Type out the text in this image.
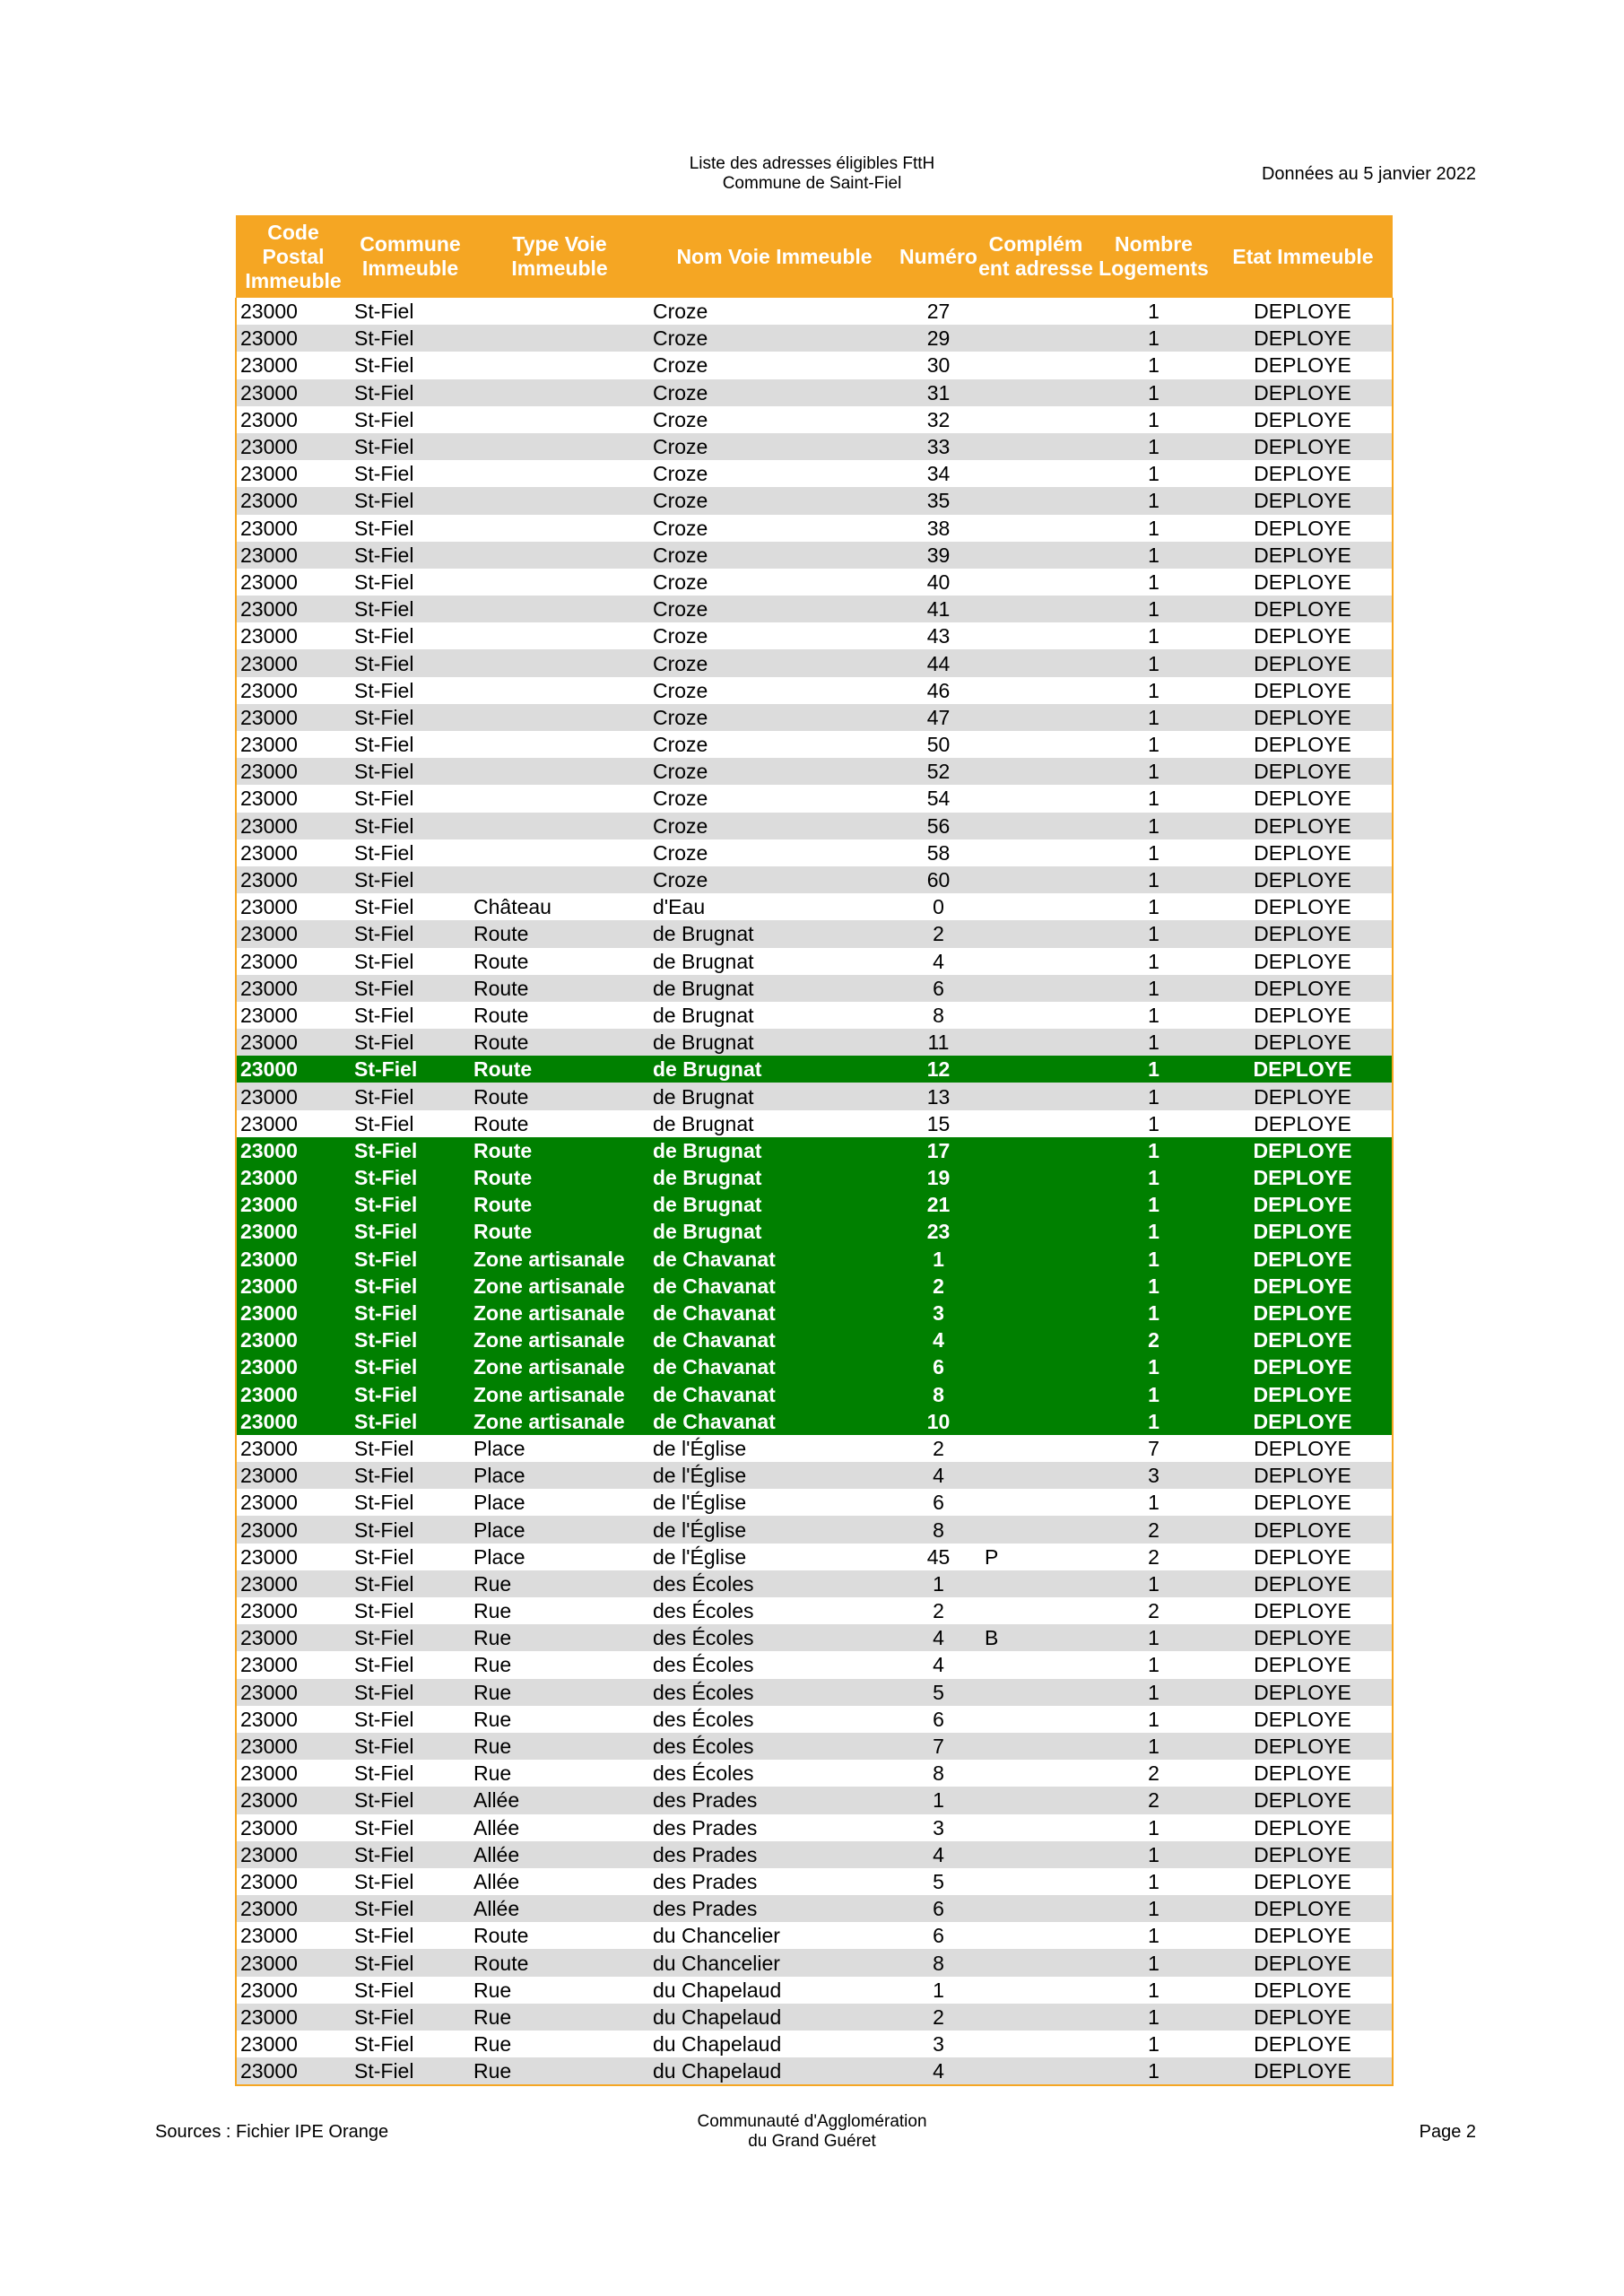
Liste des adresses éligibles FttH
Commune de Saint-Fiel	Données au 5 janvier 2022
Code Postal Immeuble	Commune Immeuble	Type Voie Immeuble	Nom Voie Immeuble	Numéro	Complém ent adresse	Nombre Logements	Etat Immeuble
23000	St-Fiel		Croze	27		1	DEPLOYE
23000	St-Fiel		Croze	29		1	DEPLOYE
23000	St-Fiel		Croze	30		1	DEPLOYE
23000	St-Fiel		Croze	31		1	DEPLOYE
23000	St-Fiel		Croze	32		1	DEPLOYE
23000	St-Fiel		Croze	33		1	DEPLOYE
23000	St-Fiel		Croze	34		1	DEPLOYE
23000	St-Fiel		Croze	35		1	DEPLOYE
23000	St-Fiel		Croze	38		1	DEPLOYE
23000	St-Fiel		Croze	39		1	DEPLOYE
23000	St-Fiel		Croze	40		1	DEPLOYE
23000	St-Fiel		Croze	41		1	DEPLOYE
23000	St-Fiel		Croze	43		1	DEPLOYE
23000	St-Fiel		Croze	44		1	DEPLOYE
23000	St-Fiel		Croze	46		1	DEPLOYE
23000	St-Fiel		Croze	47		1	DEPLOYE
23000	St-Fiel		Croze	50		1	DEPLOYE
23000	St-Fiel		Croze	52		1	DEPLOYE
23000	St-Fiel		Croze	54		1	DEPLOYE
23000	St-Fiel		Croze	56		1	DEPLOYE
23000	St-Fiel		Croze	58		1	DEPLOYE
23000	St-Fiel		Croze	60		1	DEPLOYE
23000	St-Fiel	Château	d'Eau	0		1	DEPLOYE
23000	St-Fiel	Route	de Brugnat	2		1	DEPLOYE
23000	St-Fiel	Route	de Brugnat	4		1	DEPLOYE
23000	St-Fiel	Route	de Brugnat	6		1	DEPLOYE
23000	St-Fiel	Route	de Brugnat	8		1	DEPLOYE
23000	St-Fiel	Route	de Brugnat	11		1	DEPLOYE
23000	St-Fiel	Route	de Brugnat	12		1	DEPLOYE
23000	St-Fiel	Route	de Brugnat	13		1	DEPLOYE
23000	St-Fiel	Route	de Brugnat	15		1	DEPLOYE
23000	St-Fiel	Route	de Brugnat	17		1	DEPLOYE
23000	St-Fiel	Route	de Brugnat	19		1	DEPLOYE
23000	St-Fiel	Route	de Brugnat	21		1	DEPLOYE
23000	St-Fiel	Route	de Brugnat	23		1	DEPLOYE
23000	St-Fiel	Zone artisanale	de Chavanat	1		1	DEPLOYE
23000	St-Fiel	Zone artisanale	de Chavanat	2		1	DEPLOYE
23000	St-Fiel	Zone artisanale	de Chavanat	3		1	DEPLOYE
23000	St-Fiel	Zone artisanale	de Chavanat	4		2	DEPLOYE
23000	St-Fiel	Zone artisanale	de Chavanat	6		1	DEPLOYE
23000	St-Fiel	Zone artisanale	de Chavanat	8		1	DEPLOYE
23000	St-Fiel	Zone artisanale	de Chavanat	10		1	DEPLOYE
23000	St-Fiel	Place	de l'Église	2		7	DEPLOYE
23000	St-Fiel	Place	de l'Église	4		3	DEPLOYE
23000	St-Fiel	Place	de l'Église	6		1	DEPLOYE
23000	St-Fiel	Place	de l'Église	8		2	DEPLOYE
23000	St-Fiel	Place	de l'Église	45	P	2	DEPLOYE
23000	St-Fiel	Rue	des Écoles	1		1	DEPLOYE
23000	St-Fiel	Rue	des Écoles	2		2	DEPLOYE
23000	St-Fiel	Rue	des Écoles	4	B	1	DEPLOYE
23000	St-Fiel	Rue	des Écoles	4		1	DEPLOYE
23000	St-Fiel	Rue	des Écoles	5		1	DEPLOYE
23000	St-Fiel	Rue	des Écoles	6		1	DEPLOYE
23000	St-Fiel	Rue	des Écoles	7		1	DEPLOYE
23000	St-Fiel	Rue	des Écoles	8		2	DEPLOYE
23000	St-Fiel	Allée	des Prades	1		2	DEPLOYE
23000	St-Fiel	Allée	des Prades	3		1	DEPLOYE
23000	St-Fiel	Allée	des Prades	4		1	DEPLOYE
23000	St-Fiel	Allée	des Prades	5		1	DEPLOYE
23000	St-Fiel	Allée	des Prades	6		1	DEPLOYE
23000	St-Fiel	Route	du Chancelier	6		1	DEPLOYE
23000	St-Fiel	Route	du Chancelier	8		1	DEPLOYE
23000	St-Fiel	Rue	du Chapelaud	1		1	DEPLOYE
23000	St-Fiel	Rue	du Chapelaud	2		1	DEPLOYE
23000	St-Fiel	Rue	du Chapelaud	3		1	DEPLOYE
23000	St-Fiel	Rue	du Chapelaud	4		1	DEPLOYE
Sources : Fichier IPE Orange
Communauté d'Agglomération
du Grand Guéret	Page 2
